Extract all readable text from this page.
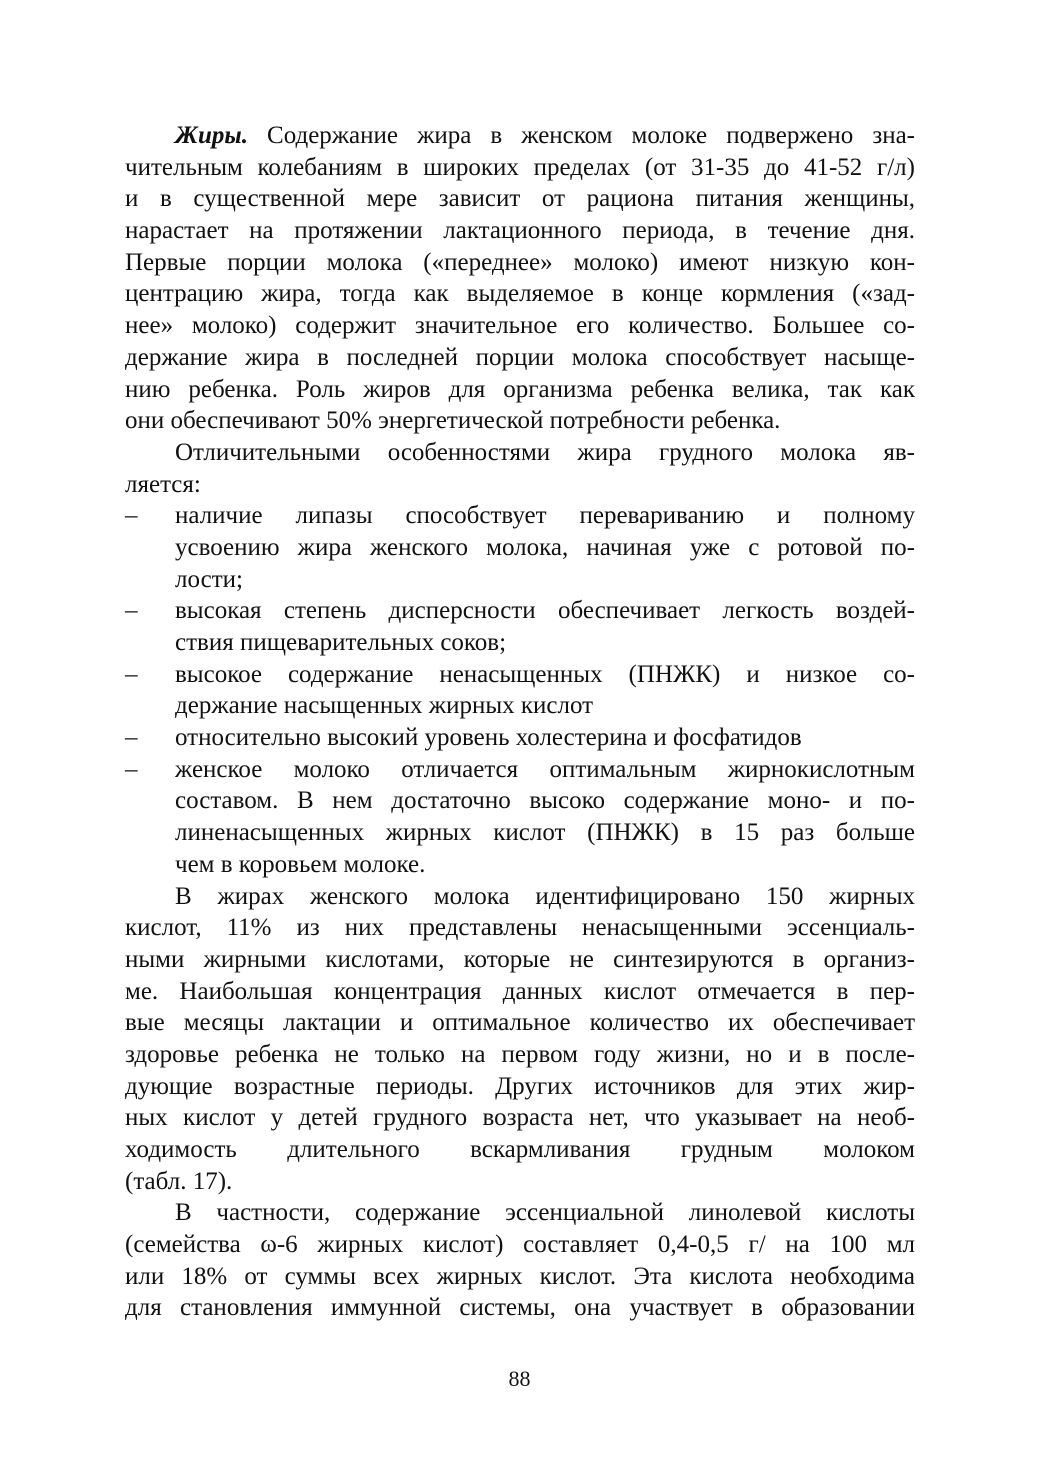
Жиры. Содержание жира в женском молоке подвержено зна-
чительным колебаниям в широких пределах (от 31-35 до 41-52 г/л)
и в существенной мере зависит от рациона питания женщины,
нарастает на протяжении лактационного периода, в течение дня.
Первые порции молока («переднее» молоко) имеют низкую кон-
центрацию жира, тогда как выделяемое в конце кормления («зад-
нее» молоко) содержит значительное его количество. Большее со-
держание жира в последней порции молока способствует насыще-
нию ребенка. Роль жиров для организма ребенка велика, так как
они обеспечивают 50% энергетической потребности ребенка.
Отличительными особенностями жира грудного молока яв-
ляется:
– наличие липазы способствует перевариванию и полному
усвоению жира женского молока, начиная уже с ротовой по-
лости;
– высокая степень дисперсности обеспечивает легкость воздей-
ствия пищеварительных соков;
– высокое содержание ненасыщенных (ПНЖК) и низкое со-
держание насыщенных жирных кислот
– относительно высокий уровень холестерина и фосфатидов
– женское молоко отличается оптимальным жирнокислотным
составом. В нем достаточно высоко содержание моно- и по-
линенасыщенных жирных кислот (ПНЖК) в 15 раз больше
чем в коровьем молоке.
В жирах женского молока идентифицировано 150 жирных
кислот, 11% из них представлены ненасыщенными эссенциаль-
ными жирными кислотами, которые не синтезируются в организ-
ме. Наибольшая концентрация данных кислот отмечается в пер-
вые месяцы лактации и оптимальное количество их обеспечивает
здоровье ребенка не только на первом году жизни, но и в после-
дующие возрастные периоды. Других источников для этих жир-
ных кислот у детей грудного возраста нет, что указывает на необ-
ходимость длительного вскармливания грудным молоком
(табл. 17).
В частности, содержание эссенциальной линолевой кислоты
(семейства ω-6 жирных кислот) составляет 0,4-0,5 г/ на 100 мл
или 18% от суммы всех жирных кислот. Эта кислота необходима
для становления иммунной системы, она участвует в образовании
88
